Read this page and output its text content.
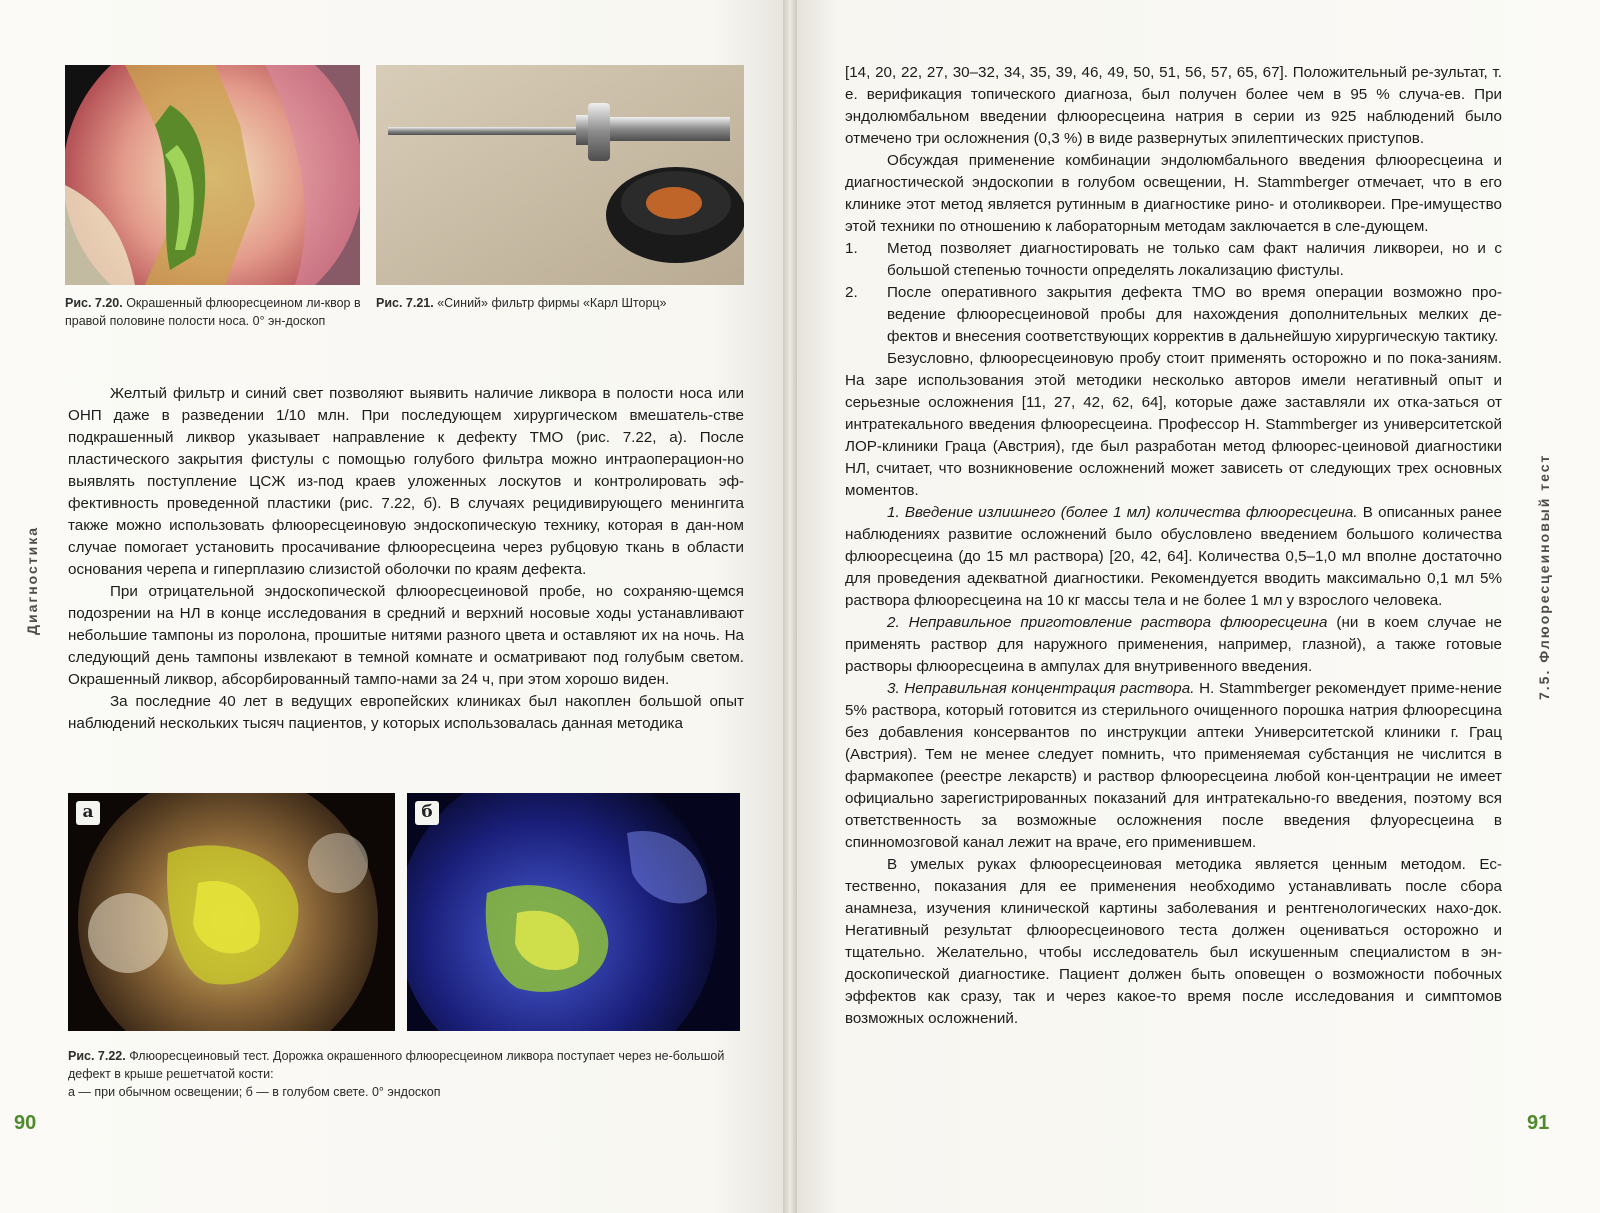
Рис. 7.20. Окрашенный флюоресцеином ли-квор в правой половине полости носа. 0° эн-доскоп
Рис. 7.21. «Синий» фильтр фирмы «Карл Шторц»

Желтый фильтр и синий свет позволяют выявить наличие ликвора в полости носа или ОНП даже в разведении 1/10 млн. При последующем хирургическом вмешатель-стве подкрашенный ликвор указывает направление к дефекту ТМО (рис. 7.22, а). После пластического закрытия фистулы с помощью голубого фильтра можно интраоперацион-но выявлять поступление ЦСЖ из-под краев уложенных лоскутов и контролировать эф-фективность проведенной пластики (рис. 7.22, б). В случаях рецидивирующего менингита также можно использовать флюоресцеиновую эндоскопическую технику, которая в дан-ном случае помогает установить просачивание флюоресцеина через рубцовую ткань в области основания черепа и гиперплазию слизистой оболочки по краям дефекта.

При отрицательной эндоскопической флюоресцеиновой пробе, но сохраняю-щемся подозрении на НЛ в конце исследования в средний и верхний носовые ходы устанавливают небольшие тампоны из поролона, прошитые нитями разного цвета и оставляют их на ночь. На следующий день тампоны извлекают в темной комнате и осматривают под голубым светом. Окрашенный ликвор, абсорбированный тампо-нами за 24 ч, при этом хорошо виден.

За последние 40 лет в ведущих европейских клиниках был накоплен большой опыт наблюдений нескольких тысяч пациентов, у которых использовалась данная методика

а	б
Рис. 7.22. Флюоресцеиновый тест. Дорожка окрашенного флюоресцеином ликвора поступает через не-большой дефект в крыше решетчатой кости:
а — при обычном освещении; б — в голубом свете. 0° эндоскоп
90
Диагностика

[14, 20, 22, 27, 30–32, 34, 35, 39, 46, 49, 50, 51, 56, 57, 65, 67]. Положительный ре-зультат, т. е. верификация топического диагноза, был получен более чем в 95 % случа-ев. При эндолюмбальном введении флюоресцеина натрия в серии из 925 наблюдений было отмечено три осложнения (0,3 %) в виде развернутых эпилептических приступов.

Обсуждая применение комбинации эндолюмбального введения флюоресцеина и диагностической эндоскопии в голубом освещении, H. Stammberger отмечает, что в его клинике этот метод является рутинным в диагностике рино- и отоликвореи. Пре-имущество этой техники по отношению к лабораторным методам заключается в сле-дующем.

1.	Метод позволяет диагностировать не только сам факт наличия ликвореи, но и с большой степенью точности определять локализацию фистулы.
2.	После оперативного закрытия дефекта ТМО во время операции возможно про-ведение флюоресцеиновой пробы для нахождения дополнительных мелких де-фектов и внесения соответствующих корректив в дальнейшую хирургическую тактику.

Безусловно, флюоресцеиновую пробу стоит применять осторожно и по пока-заниям. На заре использования этой методики несколько авторов имели негативный опыт и серьезные осложнения [11, 27, 42, 62, 64], которые даже заставляли их отка-заться от интратекального введения флюоресцеина. Профессор H. Stammberger из университетской ЛОР-клиники Граца (Австрия), где был разработан метод флюорес-цеиновой диагностики НЛ, считает, что возникновение осложнений может зависеть от следующих трех основных моментов.

1. Введение излишнего (более 1 мл) количества флюоресцеина. В описанных ранее наблюдениях развитие осложнений было обусловлено введением большого количества флюоресцеина (до 15 мл раствора) [20, 42, 64]. Количества 0,5–1,0 мл вполне достаточно для проведения адекватной диагностики. Рекомендуется вводить максимально 0,1 мл 5% раствора флюоресцеина на 10 кг массы тела и не более 1 мл у взрослого человека.

2. Неправильное приготовление раствора флюоресцеина (ни в коем случае не применять раствор для наружного применения, например, глазной), а также готовые растворы флюоресцеина в ампулах для внутривенного введения.

3. Неправильная концентрация раствора. H. Stammberger рекомендует приме-нение 5% раствора, который готовится из стерильного очищенного порошка натрия флюоресцина без добавления консервантов по инструкции аптеки Университетской клиники г. Грац (Австрия). Тем не менее следует помнить, что применяемая субстанция не числится в фармакопее (реестре лекарств) и раствор флюоресцеина любой кон-центрации не имеет официально зарегистрированных показаний для интратекально-го введения, поэтому вся ответственность за возможные осложнения после введения флуоресцеина в спинномозговой канал лежит на враче, его применившем.

В умелых руках флюоресцеиновая методика является ценным методом. Ес-тественно, показания для ее применения необходимо устанавливать после сбора анамнеза, изучения клинической картины заболевания и рентгенологических нахо-док. Негативный результат флюоресцеинового теста должен оцениваться осторожно и тщательно. Желательно, чтобы исследователь был искушенным специалистом в эн-доскопической диагностике. Пациент должен быть оповещен о возможности побочных эффектов как сразу, так и через какое-то время после исследования и симптомов возможных осложнений.

91
7.5. Флюоресцеиновый тест
